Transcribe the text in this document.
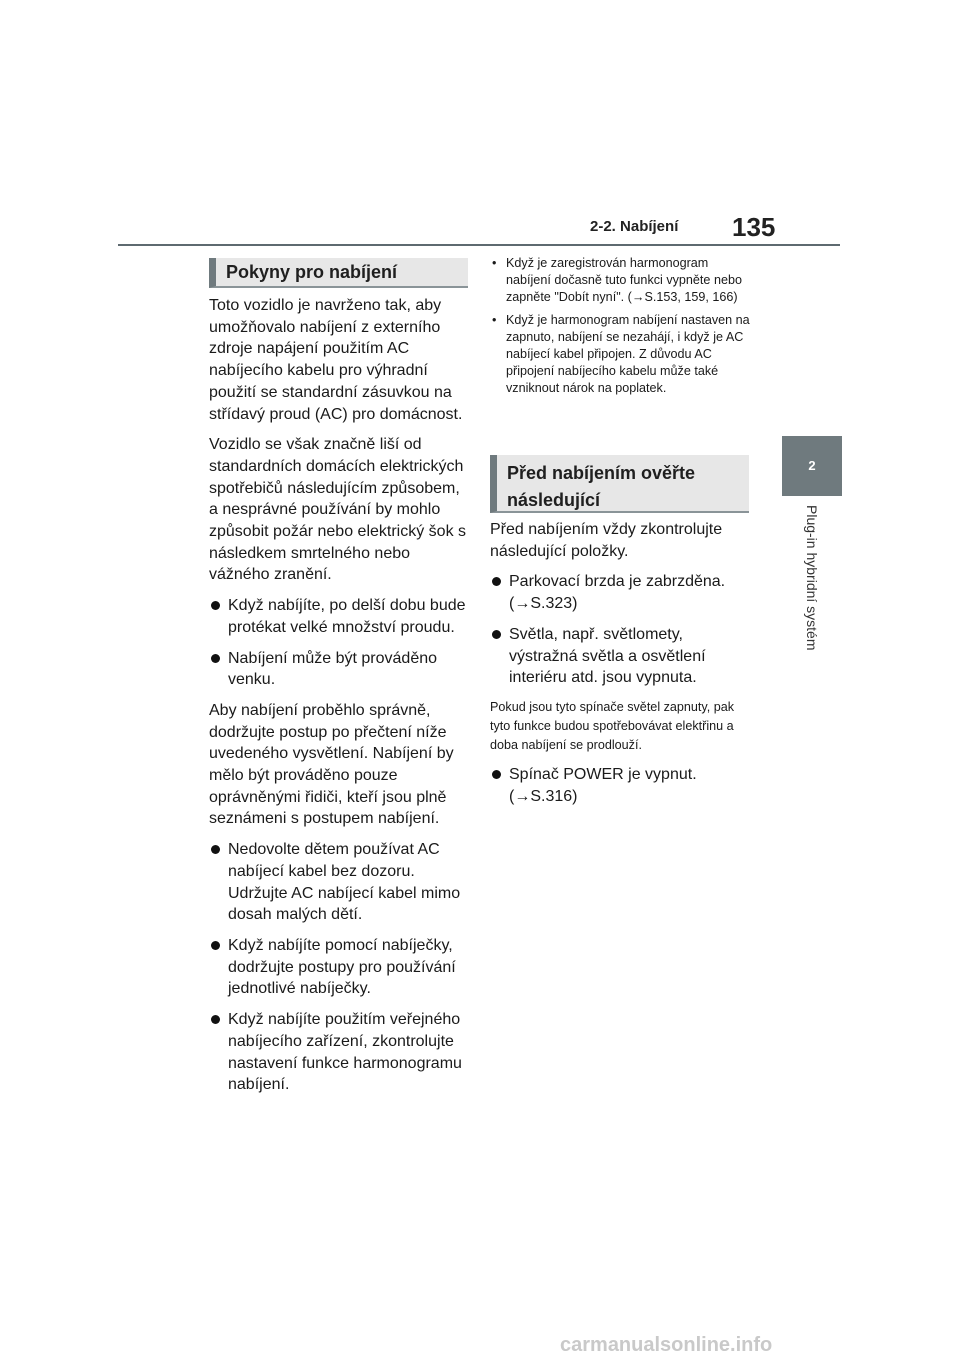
2-2. Nabíjení 135
2
Plug-in hybridní systém
Pokyny pro nabíjení

Toto vozidlo je navrženo tak, aby umožňovalo nabíjení z externího zdroje napájení použitím AC nabíjecího kabelu pro výhradní použití se standardní zásuvkou na střídavý proud (AC) pro domácnost.

Vozidlo se však značně liší od standardních domácích elektrických spotřebičů následujícím způsobem, a nesprávné používání by mohlo způsobit požár nebo elektrický šok s následkem smrtelného nebo vážného zranění.

Když nabíjíte, po delší dobu bude protékat velké množství proudu.
Nabíjení může být prováděno venku.

Aby nabíjení proběhlo správně, dodržujte postup po přečtení níže uvedeného vysvětlení. Nabíjení by mělo být prováděno pouze oprávněnými řidiči, kteří jsou plně seznámeni s postupem nabíjení.

Nedovolte dětem používat AC nabíjecí kabel bez dozoru. Udržujte AC nabíjecí kabel mimo dosah malých dětí.
Když nabíjíte pomocí nabíječky, dodržujte postupy pro používání jednotlivé nabíječky.
Když nabíjíte použitím veřejného nabíjecího zařízení, zkontrolujte nastavení funkce harmonogramu nabíjení.
• Když je zaregistrován harmonogram nabíjení dočasně tuto funkci vypněte nebo zapněte "Dobít nyní". (→S.153, 159, 166)
• Když je harmonogram nabíjení nastaven na zapnuto, nabíjení se nezahájí, i když je AC nabíjecí kabel připojen. Z důvodu AC připojení nabíjecího kabelu může také vzniknout nárok na poplatek.
Před nabíjením ověřte následující

Před nabíjením vždy zkontrolujte následující položky.

Parkovací brzda je zabrzděna. (→S.323)
Světla, např. světlomety, výstražná světla a osvětlení interiéru atd. jsou vypnuta.

Pokud jsou tyto spínače světel zapnuty, pak tyto funkce budou spotřebovávat elektřinu a doba nabíjení se prodlouží.

Spínač POWER je vypnut. (→S.316)
carmanualsonline.info
